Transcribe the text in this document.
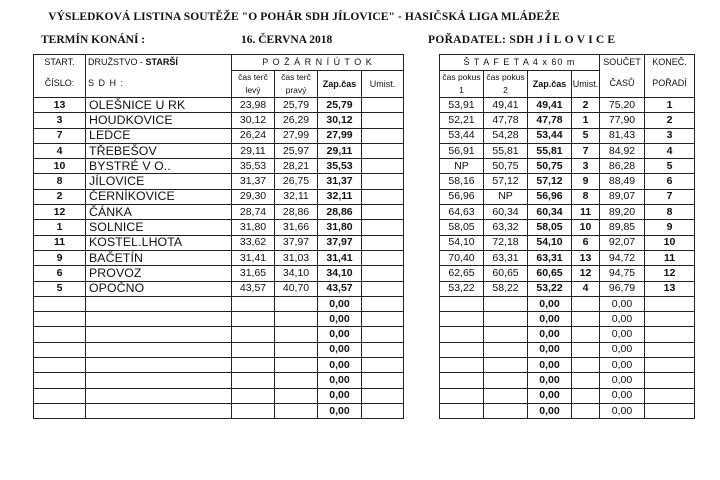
VÝSLEDKOVÁ LISTINA SOUTĚŽE "O POHÁR SDH JÍLOVICE" - HASIČSKÁ LIGA MLÁDEŽE
TERMÍN KONÁNÍ :	16. ČERVNA 2018	POŘADATEL: SDH JÍLOVICE
START.	DRUŽSTVO - STARŠÍ	P O Ž Á R N Í Ú T O K					Š T A F E T A 4 x 60 m				SOUČET	KONEČ.
ČÍSLO:	S D H :	čas terč levý	čas terč pravý	Zap.čas	Umist.		čas pokus 1	čas pokus 2	Zap.čas	Umist.	ČASŮ	POŘADÍ
13	OLEŠNICE U RK	23,98	25,79	25,79			53,91	49,41	49,41	2	75,20	1
3	HOUDKOVICE	30,12	26,29	30,12			52,21	47,78	47,78	1	77,90	2
7	LEDCE	26,24	27,99	27,99			53,44	54,28	53,44	5	81,43	3
4	TŘEBEŠOV	29,11	25,97	29,11			56,91	55,81	55,81	7	84,92	4
10	BYSTRÉ V O..	35,53	28,21	35,53			NP	50,75	50,75	3	86,28	5
8	JÍLOVICE	31,37	26,75	31,37			58,16	57,12	57,12	9	88,49	6
2	ČERNÍKOVICE	29,30	32,11	32,11			56,96	NP	56,96	8	89,07	7
12	ČÁNKA	28,74	28,86	28,86			64,63	60,34	60,34	11	89,20	8
1	SOLNICE	31,80	31,66	31,80			58,05	63,32	58,05	10	89,85	9
11	KOSTEL.LHOTA	33,62	37,97	37,97			54,10	72,18	54,10	6	92,07	10
9	BAČETÍN	31,41	31,03	31,41			70,40	63,31	63,31	13	94,72	11
6	PROVOZ	31,65	34,10	34,10			62,65	60,65	60,65	12	94,75	12
5	OPOČNO	43,57	40,70	43,57			53,22	58,22	53,22	4	96,79	13
				0,00					0,00		0,00	
				0,00					0,00		0,00	
				0,00					0,00		0,00	
				0,00					0,00		0,00	
				0,00					0,00		0,00	
				0,00					0,00		0,00	
				0,00					0,00		0,00	
				0,00					0,00		0,00	
